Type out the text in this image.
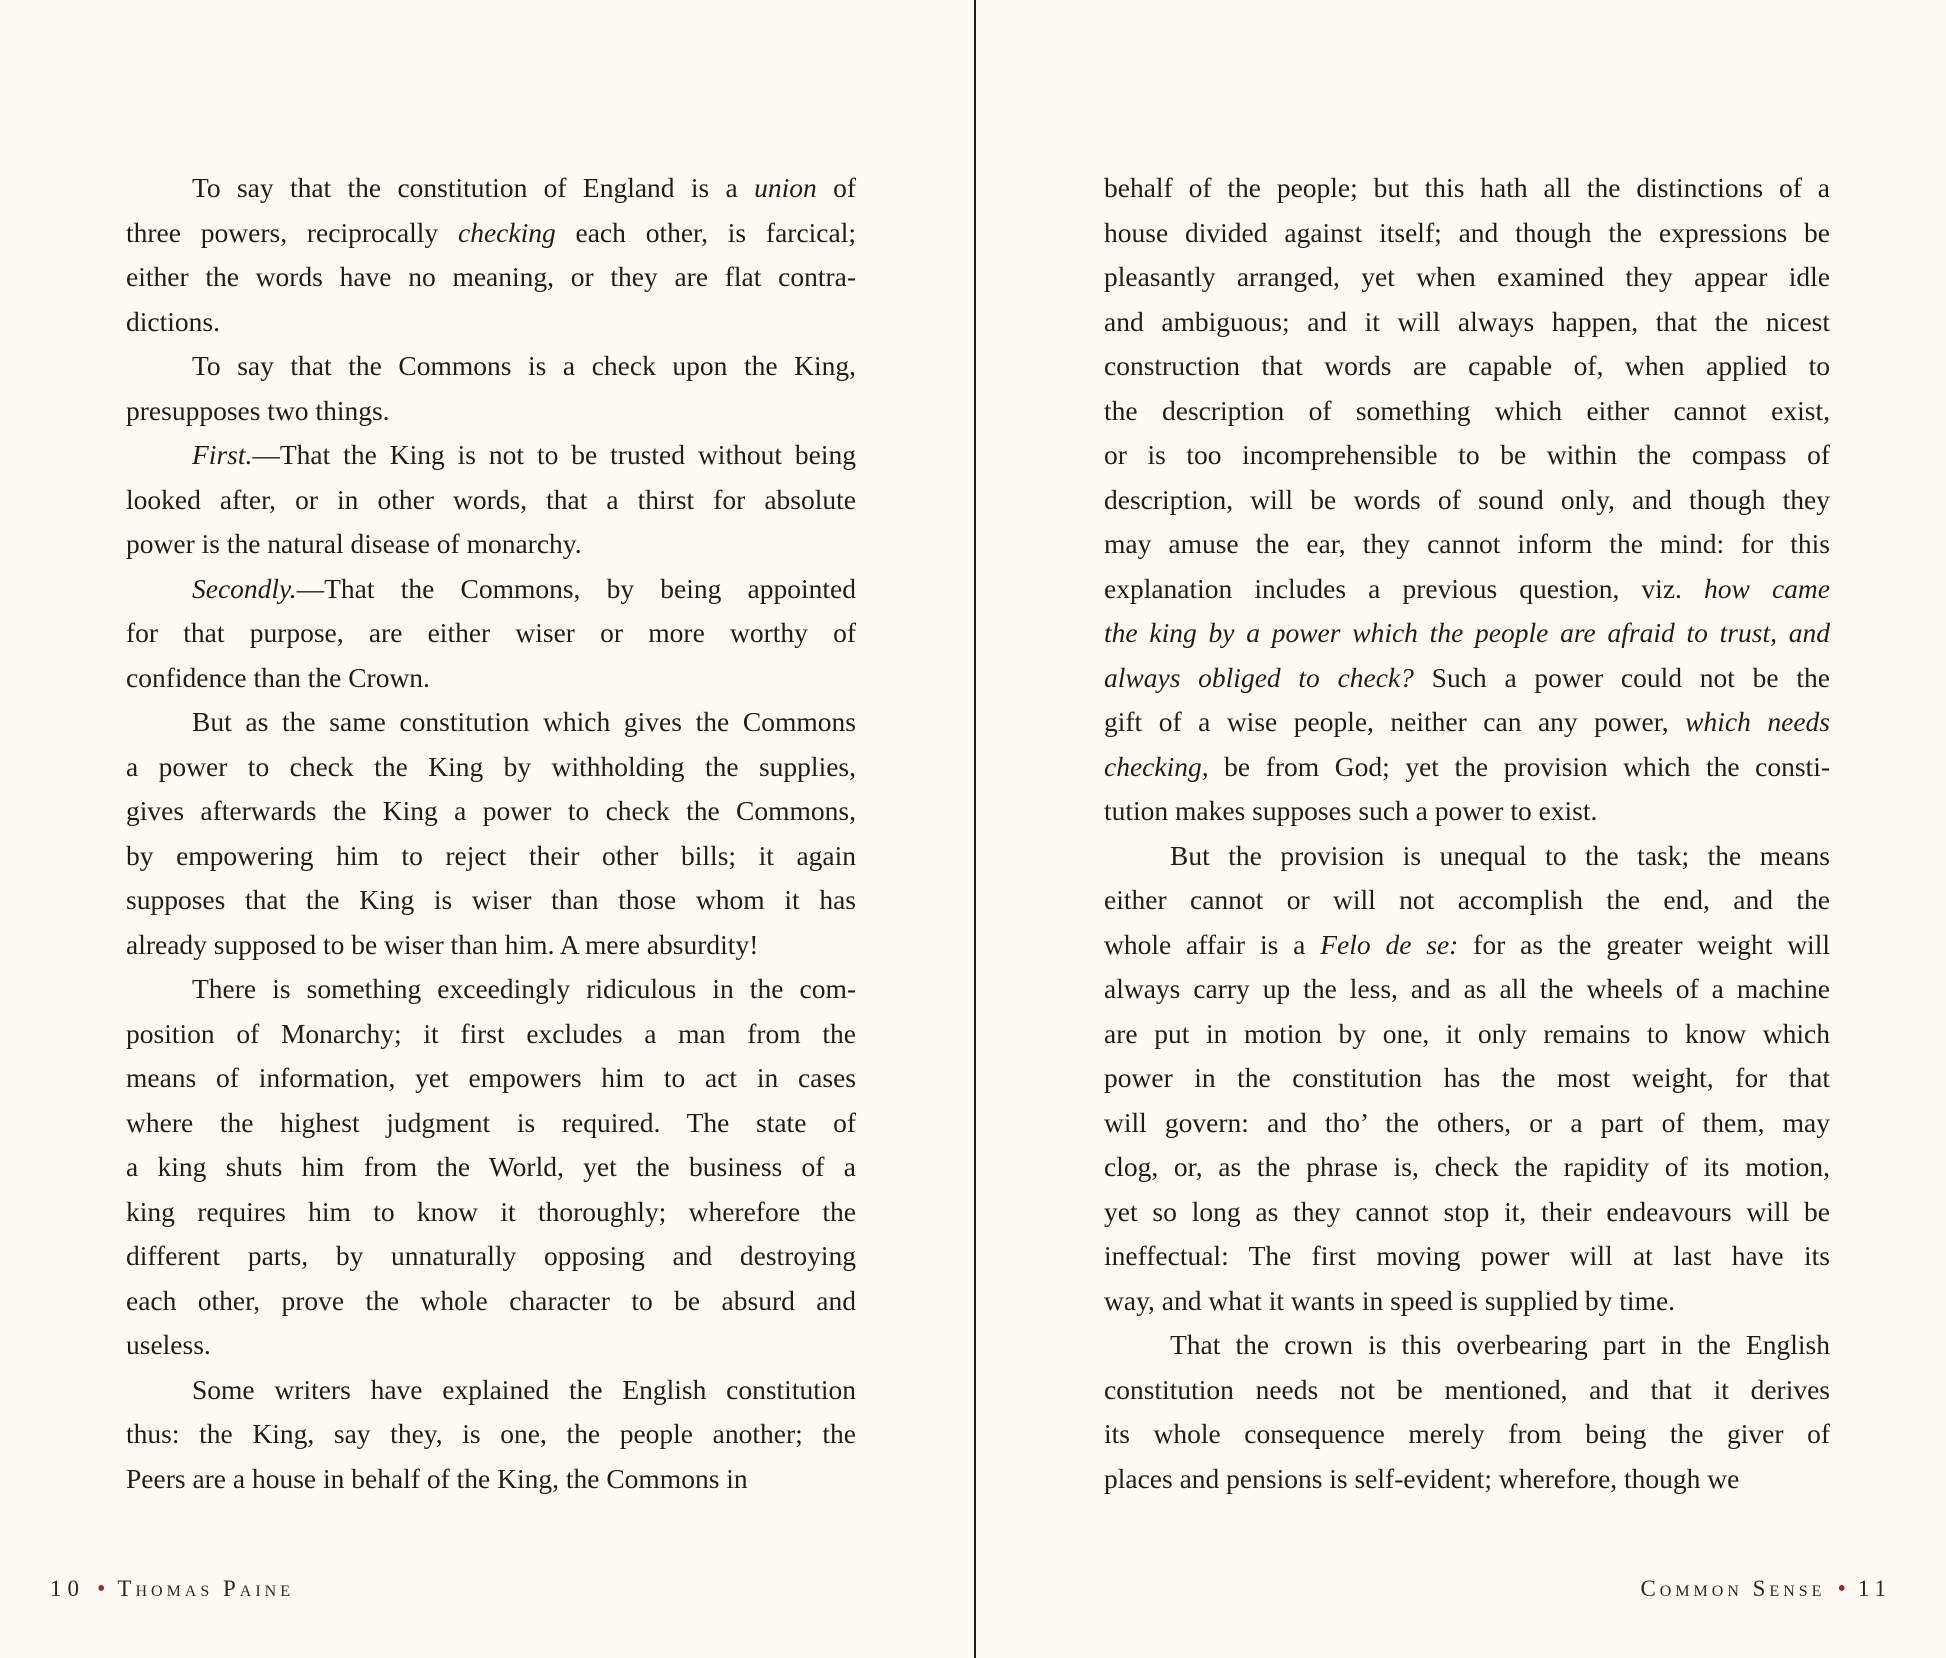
To say that the constitution of England is a union of
three powers, reciprocally checking each other, is farcical;
either the words have no meaning, or they are flat contra-
dictions.
To say that the Commons is a check upon the King,
presupposes two things.
First.—That the King is not to be trusted without being
looked after, or in other words, that a thirst for absolute
power is the natural disease of monarchy.
Secondly.—That the Commons, by being appointed
for that purpose, are either wiser or more worthy of
confidence than the Crown.
But as the same constitution which gives the Commons
a power to check the King by withholding the supplies,
gives afterwards the King a power to check the Commons,
by empowering him to reject their other bills; it again
supposes that the King is wiser than those whom it has
already supposed to be wiser than him. A mere absurdity!
There is something exceedingly ridiculous in the com-
position of Monarchy; it first excludes a man from the
means of information, yet empowers him to act in cases
where the highest judgment is required. The state of
a king shuts him from the World, yet the business of a
king requires him to know it thoroughly; wherefore the
different parts, by unnaturally opposing and destroying
each other, prove the whole character to be absurd and
useless.
Some writers have explained the English constitution
thus: the King, say they, is one, the people another; the
Peers are a house in behalf of the King, the Commons in
10 • Thomas Paine
behalf of the people; but this hath all the distinctions of a
house divided against itself; and though the expressions be
pleasantly arranged, yet when examined they appear idle
and ambiguous; and it will always happen, that the nicest
construction that words are capable of, when applied to
the description of something which either cannot exist,
or is too incomprehensible to be within the compass of
description, will be words of sound only, and though they
may amuse the ear, they cannot inform the mind: for this
explanation includes a previous question, viz. how came
the king by a power which the people are afraid to trust, and
always obliged to check? Such a power could not be the
gift of a wise people, neither can any power, which needs
checking, be from God; yet the provision which the consti-
tution makes supposes such a power to exist.
But the provision is unequal to the task; the means
either cannot or will not accomplish the end, and the
whole affair is a Felo de se: for as the greater weight will
always carry up the less, and as all the wheels of a machine
are put in motion by one, it only remains to know which
power in the constitution has the most weight, for that
will govern: and tho’ the others, or a part of them, may
clog, or, as the phrase is, check the rapidity of its motion,
yet so long as they cannot stop it, their endeavours will be
ineffectual: The first moving power will at last have its
way, and what it wants in speed is supplied by time.
That the crown is this overbearing part in the English
constitution needs not be mentioned, and that it derives
its whole consequence merely from being the giver of
places and pensions is self-evident; wherefore, though we
Common Sense • 11
